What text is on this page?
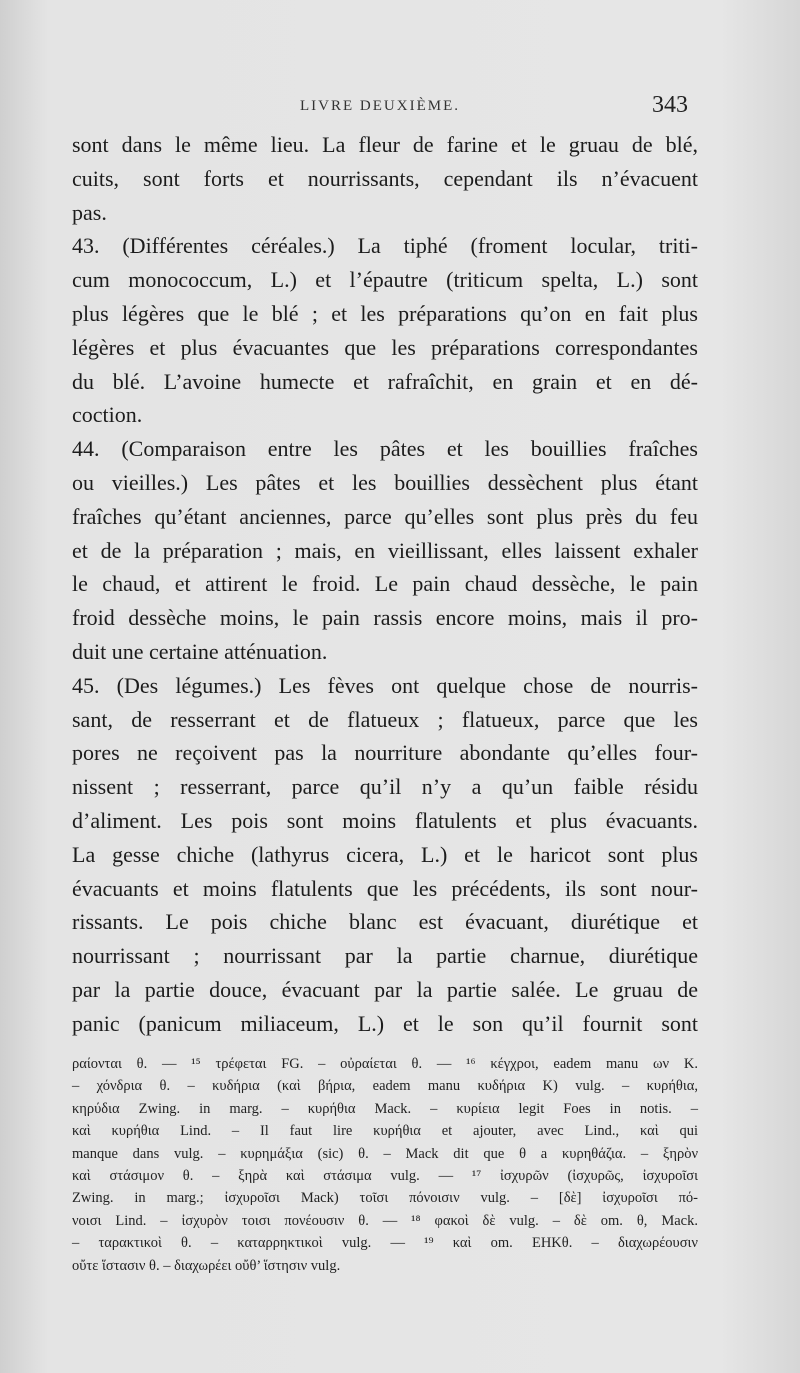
LIVRE DEUXIÈME.	343
sont dans le même lieu. La fleur de farine et le gruau de blé,
cuits, sont forts et nourrissants, cependant ils n’évacuent
pas.
43. (Différentes céréales.) La tiphé (froment locular, triti-
cum monococcum, L.) et l’épautre (triticum spelta, L.) sont
plus légères que le blé ; et les préparations qu’on en fait plus
légères et plus évacuantes que les préparations correspondantes
du blé. L’avoine humecte et rafraîchit, en grain et en dé-
coction.
44. (Comparaison entre les pâtes et les bouillies fraîches
ou vieilles.) Les pâtes et les bouillies dessèchent plus étant
fraîches qu’étant anciennes, parce qu’elles sont plus près du feu
et de la préparation ; mais, en vieillissant, elles laissent exhaler
le chaud, et attirent le froid. Le pain chaud dessèche, le pain
froid dessèche moins, le pain rassis encore moins, mais il pro-
duit une certaine atténuation.
45. (Des légumes.) Les fèves ont quelque chose de nourris-
sant, de resserrant et de flatueux ; flatueux, parce que les
pores ne reçoivent pas la nourriture abondante qu’elles four-
nissent ; resserrant, parce qu’il n’y a qu’un faible résidu
d’aliment. Les pois sont moins flatulents et plus évacuants.
La gesse chiche (lathyrus cicera, L.) et le haricot sont plus
évacuants et moins flatulents que les précédents, ils sont nour-
rissants. Le pois chiche blanc est évacuant, diurétique et
nourrissant ; nourrissant par la partie charnue, diurétique
par la partie douce, évacuant par la partie salée. Le gruau de
panic (panicum miliaceum, L.) et le son qu’il fournit sont
ραίονται θ. — ¹⁵ τρέφεται FG. – οὐραίεται θ. — ¹⁶ κέγχροι, eadem manu ων K.
– χόνδρια θ. – κυδήρια (καὶ βήρια, eadem manu κυδήρια K) vulg. – κυρήθια,
κηρύδια Zwing. in marg. – κυρήθια Mack. – κυρίεια legit Foes in notis. –
καὶ κυρήθια Lind. – Il faut lire κυρήθια et ajouter, avec Lind., καὶ qui
manque dans vulg. – κυρημάξια (sic) θ. – Mack dit que θ a κυρηθάζια. – ξηρὸν
καὶ στάσιμον θ. – ξηρὰ καὶ στάσιμα vulg. — ¹⁷ ἰσχυρῶν (ἰσχυρῶς, ἰσχυροῖσι
Zwing. in marg.; ἰσχυροῖσι Mack) τοῖσι πόνοισιν vulg. – [δὲ] ἰσχυροῖσι πό-
νοισι Lind. – ἰσχυρὸν τοισι πονέουσιν θ. — ¹⁸ φακοὶ δὲ vulg. – δὲ om. θ, Mack.
– ταρακτικοὶ θ. – καταρρηκτικοὶ vulg. — ¹⁹ καὶ om. EHKθ. – διαχωρέουσιν
οὔτε ἵστασιν θ. – διαχωρέει οὔθ’ ἵστησιν vulg.
